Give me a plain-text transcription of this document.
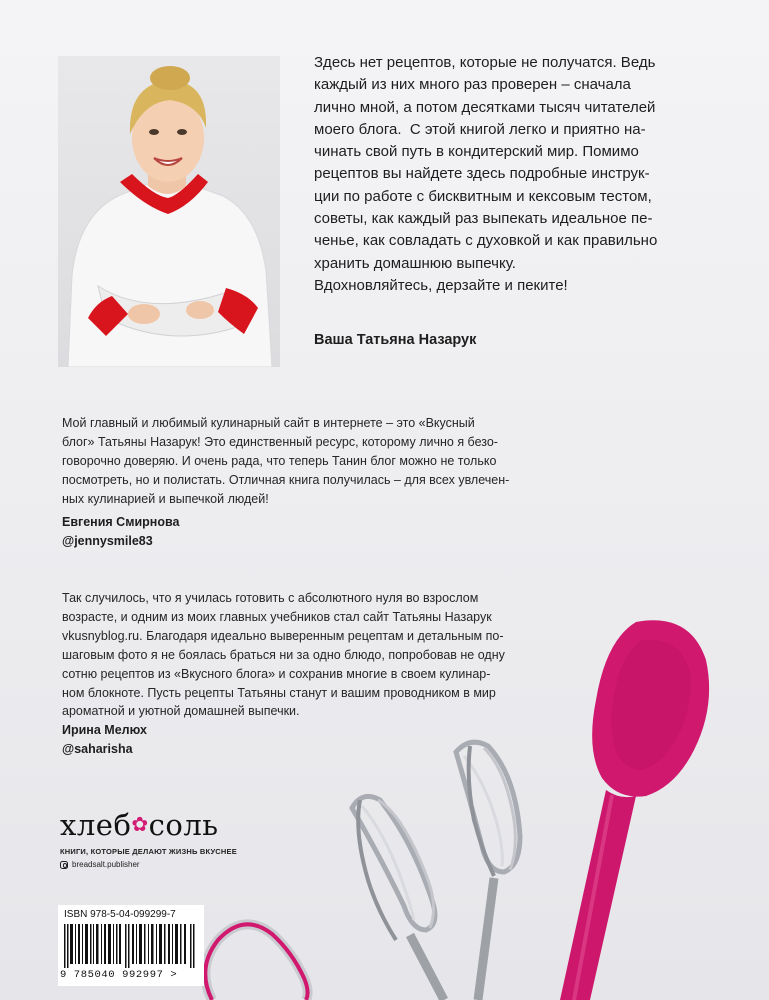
Здесь нет рецептов, которые не получатся. Ведь

каждый из них много раз проверен – сначала

лично мной, а потом десятками тысяч читателей

моего блога.  С этой книгой легко и приятно на-

чинать свой путь в кондитерский мир. Помимо

рецептов вы найдете здесь подробные инструк-

ции по работе с бисквитным и кексовым тестом,

советы, как каждый раз выпекать идеальное пе-

ченье, как совладать с духовкой и как правильно

хранить домашнюю выпечку.

Вдохновляйтесь, дерзайте и пеките!

Ваша Татьяна Назарук

Мой главный и любимый кулинарный сайт в интернете – это «Вкусный

блог» Татьяны Назарук! Это единственный ресурс, которому лично я безо-

говорочно доверяю. И очень рада, что теперь Танин блог можно не только

посмотреть, но и полистать. Отличная книга получилась – для всех увлечен-

ных кулинарией и выпечкой людей!

Евгения Смирнова
@jennysmile83

Так случилось, что я училась готовить с абсолютного нуля во взрослом

возрасте, и одним из моих главных учебников стал сайт Татьяны Назарук

vkusnyblog.ru. Благодаря идеально выверенным рецептам и детальным по-

шаговым фото я не боялась браться ни за одно блюдо, попробовав не одну

сотню рецептов из «Вкусного блога» и сохранив многие в своем кулинар-

ном блокноте. Пусть рецепты Татьяны станут и вашим проводником в мир

ароматной и уютной домашней выпечки.

Ирина Мелюх
@saharisha
хлеб✿соль
КНИГИ, КОТОРЫЕ ДЕЛАЮТ ЖИЗНЬ ВКУСНЕЕ
breadsalt.publisher
ISBN 978-5-04-099299-7
9 785040 992997 >
